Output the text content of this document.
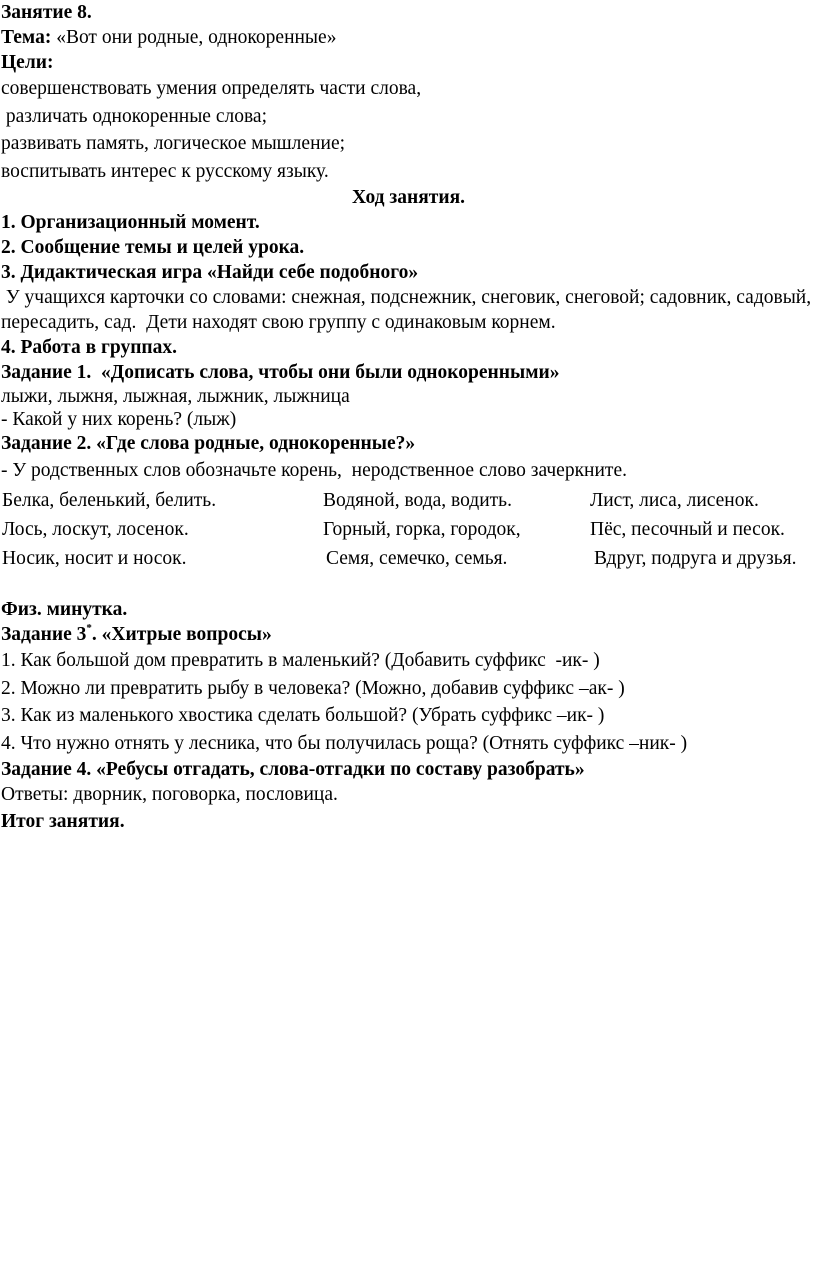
Занятие 8.

Тема: «Вот они родные, однокоренные»

Цели:

совершенствовать умения определять части слова,

различать однокоренные слова;

развивать память, логическое мышление;

воспитывать интерес к русскому языку.

Ход занятия.

1. Организационный момент.

2. Сообщение темы и целей урока.

3. Дидактическая игра «Найди себе подобного»

У учащихся карточки со словами: снежная, подснежник, снеговик, снеговой; садовник, садовый, пересадить, сад.  Дети находят свою группу с одинаковым корнем.

4. Работа в группах.

Задание 1.  «Дописать слова, чтобы они были однокоренными»

лыжи, лыжня, лыжная, лыжник, лыжница

- Какой у них корень? (лыж)

Задание 2. «Где слова родные, однокоренные?»

- У родственных слов обозначьте корень,  неродственное слово зачеркните.

Белка, беленький, белить.	Водяной, вода, водить.	Лист, лиса, лисенок.
Лось, лоскут, лосенок.	Горный, горка, городок,	Пёс, песочный и песок.
Носик, носит и носок.	Семя, семечко, семья.	Вдруг, подруга и друзья.

Физ. минутка.

Задание 3*. «Хитрые вопросы»

1. Как большой дом превратить в маленький? (Добавить суффикс  -ик- )

2. Можно ли превратить рыбу в человека? (Можно, добавив суффикс –ак- )

3. Как из маленького хвостика сделать большой? (Убрать суффикс –ик- )

4. Что нужно отнять у лесника, что бы получилась роща? (Отнять суффикс –ник- )

Задание 4. «Ребусы отгадать, слова-отгадки по составу разобрать»

Ответы: дворник, поговорка, пословица.

Итог занятия.
